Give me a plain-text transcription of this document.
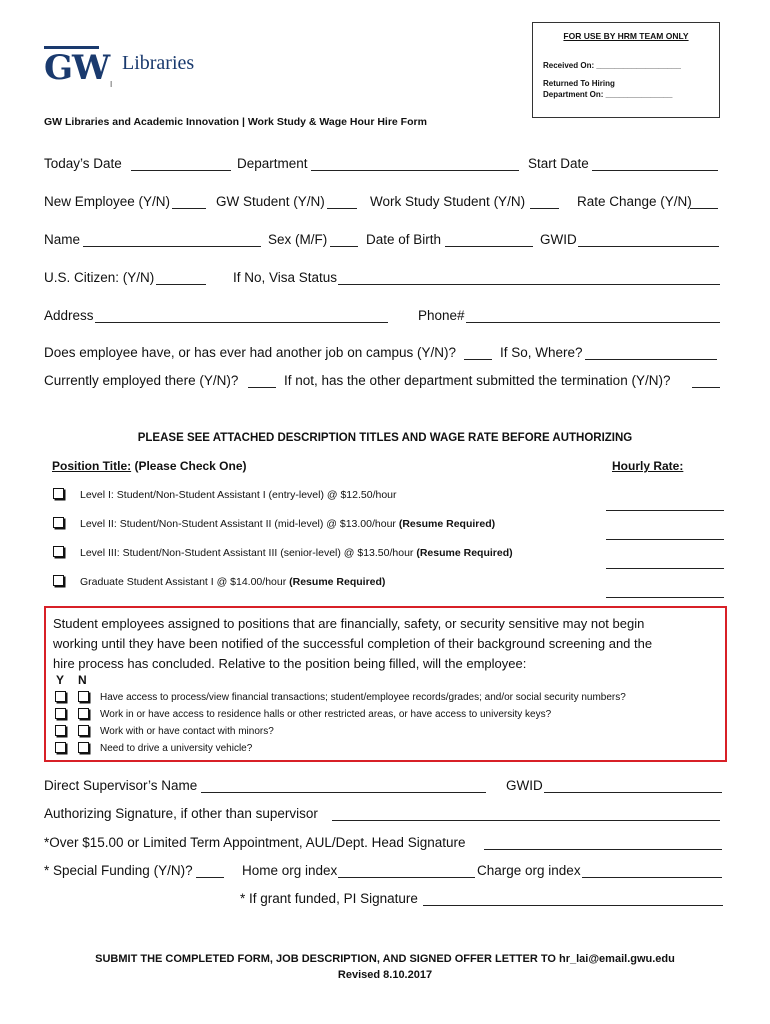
FOR USE BY HRM TEAM ONLY
Received On: ___________________
Returned To Hiring
Department On: _______________
GW Libraries
I
GW Libraries and Academic Innovation | Work Study & Wage Hour Hire Form
Today’s Date	Department	Start Date
New Employee (Y/N)	GW Student (Y/N)	Work Study Student (Y/N)	Rate Change (Y/N)
Name	Sex (M/F)	Date of Birth	GWID
U.S. Citizen: (Y/N)	If No, Visa Status
Address	Phone#
Does employee have, or has ever had another job on campus (Y/N)?	If So, Where?
Currently employed there (Y/N)?	If not, has the other department submitted the termination (Y/N)?
PLEASE SEE ATTACHED DESCRIPTION TITLES AND WAGE RATE BEFORE AUTHORIZING
Position Title: (Please Check One)	Hourly Rate:
Level I: Student/Non-Student Assistant I (entry-level) @ $12.50/hour
Level II: Student/Non-Student Assistant II (mid-level) @ $13.00/hour (Resume Required)
Level III: Student/Non-Student Assistant III (senior-level) @ $13.50/hour (Resume Required)
Graduate Student Assistant I @ $14.00/hour (Resume Required)
Student employees assigned to positions that are financially, safety, or security sensitive may not begin
working until they have been notified of the successful completion of their background screening and the
hire process has concluded. Relative to the position being filled, will the employee:
Y N
Have access to process/view financial transactions; student/employee records/grades; and/or social security numbers?
Work in or have access to residence halls or other restricted areas, or have access to university keys?
Work with or have contact with minors?
Need to drive a university vehicle?
Direct Supervisor’s Name	GWID
Authorizing Signature, if other than supervisor
*Over $15.00 or Limited Term Appointment, AUL/Dept. Head Signature
* Special Funding (Y/N)?	Home org index	Charge org index
* If grant funded, PI Signature
SUBMIT THE COMPLETED FORM, JOB DESCRIPTION, AND SIGNED OFFER LETTER TO hr_lai@email.gwu.edu
Revised 8.10.2017
